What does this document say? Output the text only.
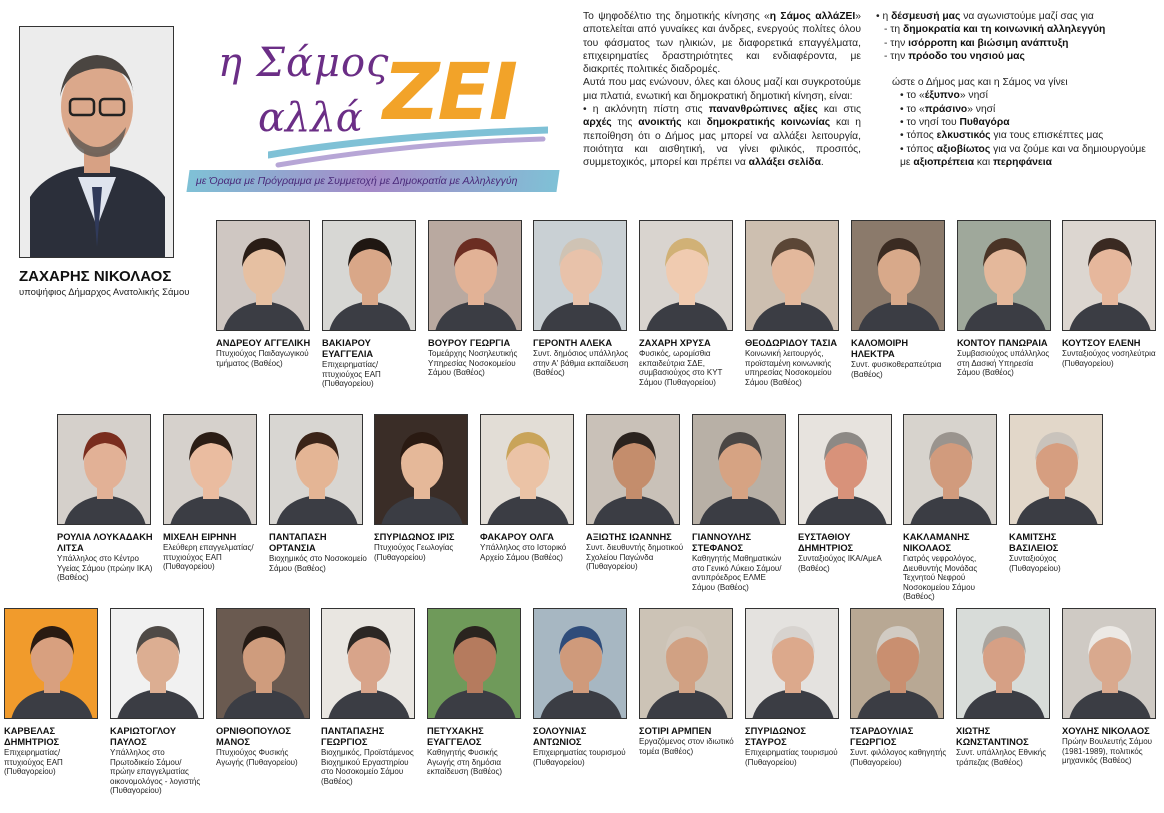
ΖΑΧΑΡΗΣ ΝΙΚΟΛΑΟΣ
υποψήφιος Δήμαρχος Ανατολικής Σάμου
η Σάμος
αλλά ΖΕΙ
με Όραμα με Πρόγραμμα με Συμμετοχή με Δημοκρατία με Αλληλεγγύη

Το ψηφοδέλτιο της δημοτικής κίνησης «η Σάμος αλλάΖΕΙ» αποτελείται από γυναίκες και άνδρες, ενεργούς πολίτες όλου του φάσματος των ηλικιών, με διαφορετικά επαγγέλματα, επιχειρηματίες δραστηριότητες και ενδιαφέροντα, με διακριτές πολιτικές διαδρομές.

Αυτά που μας ενώνουν, όλες και όλους μαζί και συγκροτούμε μια πλατιά, ενωτική και δημοκρατική δημοτική κίνηση, είναι:

• η ακλόνητη πίστη στις πανανθρώπινες αξίες και στις αρχές της ανοικτής και δημοκρατικής κοινωνίας και η πεποίθηση ότι ο Δήμος μας μπορεί να αλλάξει λειτουργία, ποιότητα και αισθητική, να γίνει φιλικός, προσιτός, συμμετοχικός, μπορεί και πρέπει να αλλάξει σελίδα.

• η δέσμευσή μας να αγωνιστούμε μαζί σας για

- τη δημοκρατία και τη κοινωνική αλληλεγγύη
- την ισόρροπη και βιώσιμη ανάπτυξη
- την πρόοδο του νησιού μας

ώστε ο Δήμος μας και η Σάμος να γίνει

• το «έξυπνο» νησί
• το «πράσινο» νησί
• το νησί του Πυθαγόρα
• τόπος ελκυστικός για τους επισκέπτες μας
• τόπος αξιοβίωτος για να ζούμε και να δημιουργούμε
με αξιοπρέπεια και περηφάνεια
ΑΝΔΡΕΟΥ ΑΓΓΕΛΙΚΗ
Πτυχιούχος Παιδαγωγικού τμήματος (Βαθέος)
ΒΑΚΙΑΡΟΥ ΕΥΑΓΓΕΛΙΑ
Επιχειρηματίας/ πτυχιούχος ΕΑΠ (Πυθαγορείου)
ΒΟΥΡΟΥ ΓΕΩΡΓΙΑ
Τομεάρχης Νοσηλευτικής Υπηρεσίας Νοσοκομείου Σάμου (Βαθέος)
ΓΕΡΟΝΤΗ ΑΛΕΚΑ
Συντ. δημόσιος υπάλληλος στην Α' βάθμια εκπαίδευση (Βαθέος)
ΖΑΧΑΡΗ ΧΡΥΣΑ
Φυσικός, ωρομίσθια εκπαιδεύτρια ΣΔΕ, συμβασιούχος στο ΚΥΤ Σάμου (Πυθαγορείου)
ΘΕΟΔΩΡΙΔΟΥ ΤΑΣΙΑ
Κοινωνική λειτουργός, προϊσταμένη κοινωνικής υπηρεσίας Νοσοκομείου Σάμου (Βαθέος)
ΚΑΛΟΜΟΙΡΗ ΗΛΕΚΤΡΑ
Συντ. φυσικοθεραπεύτρια (Βαθέος)
ΚΟΝΤΟΥ ΠΑΝΩΡΑΙΑ
Συμβασιούχος υπάλληλος στη Δασική Υπηρεσία Σάμου (Βαθέος)
ΚΟΥΤΣΟΥ ΕΛΕΝΗ
Συνταξιούχος νοσηλεύτρια (Πυθαγορείου)
ΡΟΥΛΙΑ ΛΟΥΚΑΔΑΚΗ ΛΙΤΣΑ
Υπάλληλος στο Κέντρο Υγείας Σάμου (πρώην ΙΚΑ) (Βαθέος)
ΜΙΧΕΛΗ ΕΙΡΗΝΗ
Ελεύθερη επαγγελματίας/ πτυχιούχος ΕΑΠ (Πυθαγορείου)
ΠΑΝΤΑΠΑΣΗ ΟΡΤΑΝΣΙΑ
Βιοχημικός στο Νοσοκομείο Σάμου (Βαθέος)
ΣΠΥΡΙΔΩΝΟΣ ΙΡΙΣ
Πτυχιούχος Γεωλογίας (Πυθαγορείου)
ΦΑΚΑΡΟΥ ΟΛΓΑ
Υπάλληλος στο Ιστορικό Αρχείο Σάμου (Βαθέος)
ΑΞΙΩΤΗΣ ΙΩΑΝΝΗΣ
Συντ. διευθυντής δημοτικού Σχολείου Παγώνδα (Πυθαγορείου)
ΓΙΑΝΝΟΥΛΗΣ ΣΤΕΦΑΝΟΣ
Καθηγητής Μαθηματικών στο Γενικό Λύκειο Σάμου/ αντιπρόεδρος ΕΛΜΕ Σάμου (Βαθέος)
ΕΥΣΤΑΘΙΟΥ ΔΗΜΗΤΡΙΟΣ
Συνταξιούχος ΙΚΑ/ΑμεΑ (Βαθέος)
ΚΑΚΛΑΜΑΝΗΣ ΝΙΚΟΛΑΟΣ
Γιατρός νεφρολόγος, Διευθυντής Μονάδας Τεχνητού Νεφρού Νοσοκομείου Σάμου (Βαθέος)
ΚΑΜΙΤΣΗΣ ΒΑΣΙΛΕΙΟΣ
Συνταξιούχος (Πυθαγορείου)
ΚΑΡΒΕΛΑΣ ΔΗΜΗΤΡΙΟΣ
Επιχειρηματίας/ πτυχιούχος ΕΑΠ (Πυθαγορείου)
ΚΑΡΙΩΤΟΓΛΟΥ ΠΑΥΛΟΣ
Υπάλληλος στο Πρωτοδικείο Σάμου/ πρώην επαγγελματίας οικονομολόγος - λογιστής (Πυθαγορείου)
ΟΡΝΙΘΟΠΟΥΛΟΣ ΜΑΝΟΣ
Πτυχιούχος Φυσικής Αγωγής (Πυθαγορείου)
ΠΑΝΤΑΠΑΣΗΣ ΓΕΩΡΓΙΟΣ
Βιοχημικός, Προϊστάμενος Βιοχημικού Εργαστηρίου στο Νοσοκομείο Σάμου (Βαθέος)
ΠΕΤΥΧΑΚΗΣ ΕΥΑΓΓΕΛΟΣ
Καθηγητής Φυσικής Αγωγής στη δημόσια εκπαίδευση (Βαθέος)
ΣΟΛΟΥΝΙΑΣ ΑΝΤΩΝΙΟΣ
Επιχειρηματίας τουρισμού (Πυθαγορείου)
ΣΟΤΙΡΙ ΑΡΜΠΕΝ
Εργαζόμενος στον ιδιωτικό τομέα (Βαθέος)
ΣΠΥΡΙΔΩΝΟΣ ΣΤΑΥΡΟΣ
Επιχειρηματίας τουρισμού (Πυθαγορείου)
ΤΣΑΡΔΟΥΛΙΑΣ ΓΕΩΡΓΙΟΣ
Συντ. φιλόλογος καθηγητής (Πυθαγορείου)
ΧΙΩΤΗΣ ΚΩΝΣΤΑΝΤΙΝΟΣ
Συντ. υπάλληλος Εθνικής τράπεζας (Βαθέος)
ΧΟΥΛΗΣ ΝΙΚΟΛΑΟΣ
Πρώην Βουλευτής Σάμου (1981-1989), πολιτικός μηχανικός (Βαθέος)
